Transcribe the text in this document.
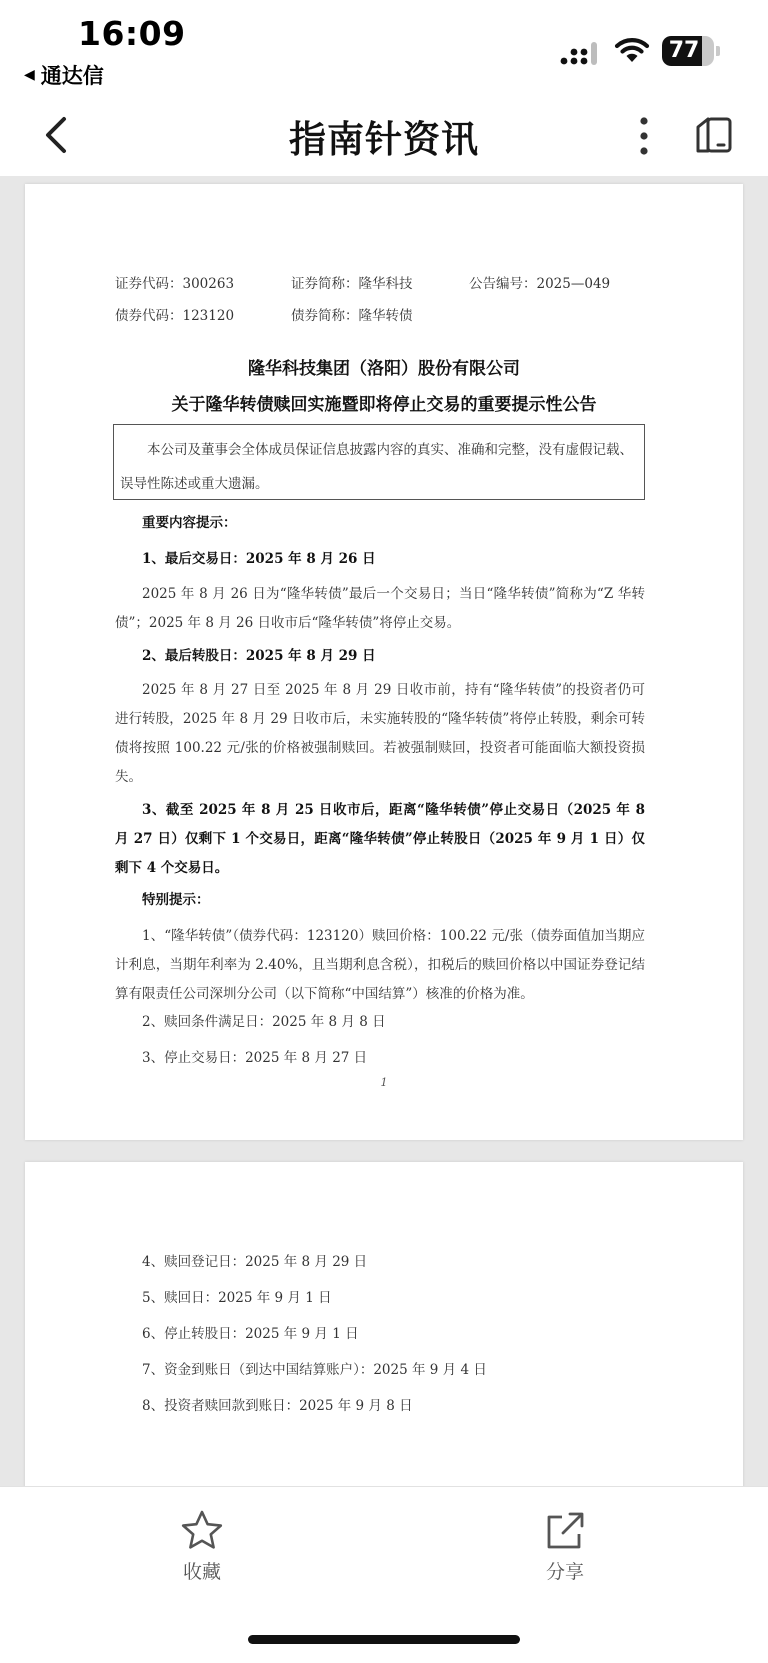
16:09
◀ 通达信
77
指南针资讯
证券代码：300263	证券简称：隆华科技	公告编号：2025—049
债券代码：123120	债券简称：隆华转债
隆华科技集团（洛阳）股份有限公司
关于隆华转债赎回实施暨即将停止交易的重要提示性公告
本公司及董事会全体成员保证信息披露内容的真实、准确和完整，没有虚假记载、误导性陈述或重大遗漏。
重要内容提示：
1、最后交易日：2025 年 8 月 26 日
2025 年 8 月 26 日为“隆华转债”最后一个交易日；当日“隆华转债”简称为“Z 华转债”；2025 年 8 月 26 日收市后“隆华转债”将停止交易。
2、最后转股日：2025 年 8 月 29 日
2025 年 8 月 27 日至 2025 年 8 月 29 日收市前，持有“隆华转债”的投资者仍可进行转股，2025 年 8 月 29 日收市后，未实施转股的“隆华转债”将停止转股，剩余可转债将按照 100.22 元/张的价格被强制赎回。若被强制赎回，投资者可能面临大额投资损失。
3、截至 2025 年 8 月 25 日收市后，距离“隆华转债”停止交易日（2025 年 8 月 27 日）仅剩下 1 个交易日，距离“隆华转债”停止转股日（2025 年 9 月 1 日）仅剩下 4 个交易日。
特别提示：
1、“隆华转债”（债券代码：123120）赎回价格：100.22 元/张（债券面值加当期应计利息，当期年利率为 2.40%，且当期利息含税），扣税后的赎回价格以中国证券登记结算有限责任公司深圳分公司（以下简称“中国结算”）核准的价格为准。
2、赎回条件满足日：2025 年 8 月 8 日
3、停止交易日：2025 年 8 月 27 日
1
4、赎回登记日：2025 年 8 月 29 日
5、赎回日：2025 年 9 月 1 日
6、停止转股日：2025 年 9 月 1 日
7、资金到账日（到达中国结算账户）：2025 年 9 月 4 日
8、投资者赎回款到账日：2025 年 9 月 8 日
收藏	分享
